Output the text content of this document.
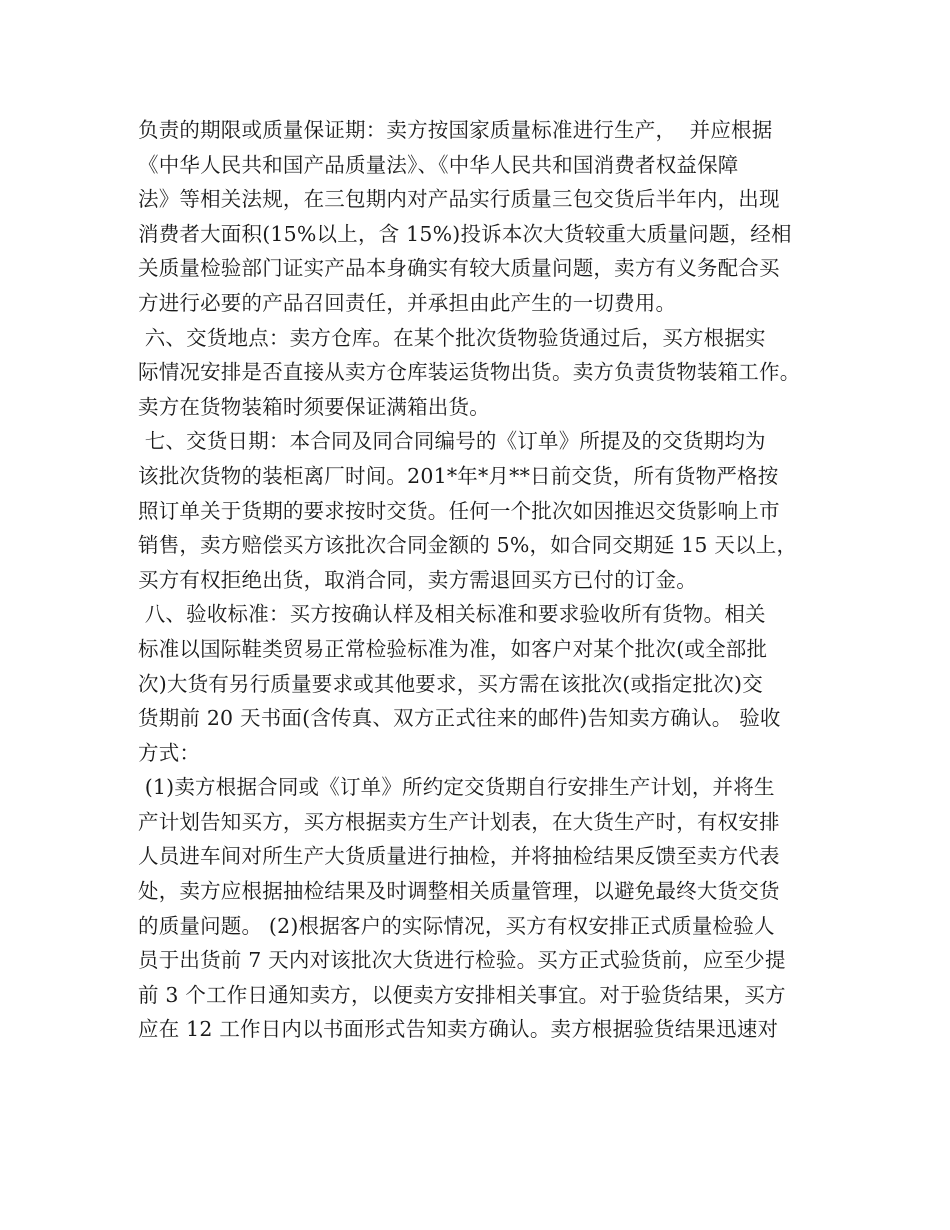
负责的期限或质量保证期：卖方按国家质量标准进行生产，  并应根据
《中华人民共和国产品质量法》、《中华人民共和国消费者权益保障
法》等相关法规，在三包期内对产品实行质量三包交货后半年内，出现
消费者大面积(15%以上，含 15%)投诉本次大货较重大质量问题，经相
关质量检验部门证实产品本身确实有较大质量问题，卖方有义务配合买
方进行必要的产品召回责任，并承担由此产生的一切费用。
六、交货地点：卖方仓库。在某个批次货物验货通过后，买方根据实
际情况安排是否直接从卖方仓库装运货物出货。卖方负责货物装箱工作。
卖方在货物装箱时须要保证满箱出货。
七、交货日期：本合同及同合同编号的《订单》所提及的交货期均为
该批次货物的装柜离厂时间。201*年*月**日前交货，所有货物严格按
照订单关于货期的要求按时交货。任何一个批次如因推迟交货影响上市
销售，卖方赔偿买方该批次合同金额的 5%，如合同交期延 15 天以上，
买方有权拒绝出货，取消合同，卖方需退回买方已付的订金。
八、验收标准：买方按确认样及相关标准和要求验收所有货物。相关
标准以国际鞋类贸易正常检验标准为准，如客户对某个批次(或全部批
次)大货有另行质量要求或其他要求，买方需在该批次(或指定批次)交
货期前 20 天书面(含传真、双方正式往来的邮件)告知卖方确认。 验收
方式：
(1)卖方根据合同或《订单》所约定交货期自行安排生产计划，并将生
产计划告知买方，买方根据卖方生产计划表，在大货生产时，有权安排
人员进车间对所生产大货质量进行抽检，并将抽检结果反馈至卖方代表
处，卖方应根据抽检结果及时调整相关质量管理，以避免最终大货交货
的质量问题。 (2)根据客户的实际情况，买方有权安排正式质量检验人
员于出货前 7 天内对该批次大货进行检验。买方正式验货前，应至少提
前 3 个工作日通知卖方，以便卖方安排相关事宜。对于验货结果，买方
应在 12 工作日内以书面形式告知卖方确认。卖方根据验货结果迅速对
